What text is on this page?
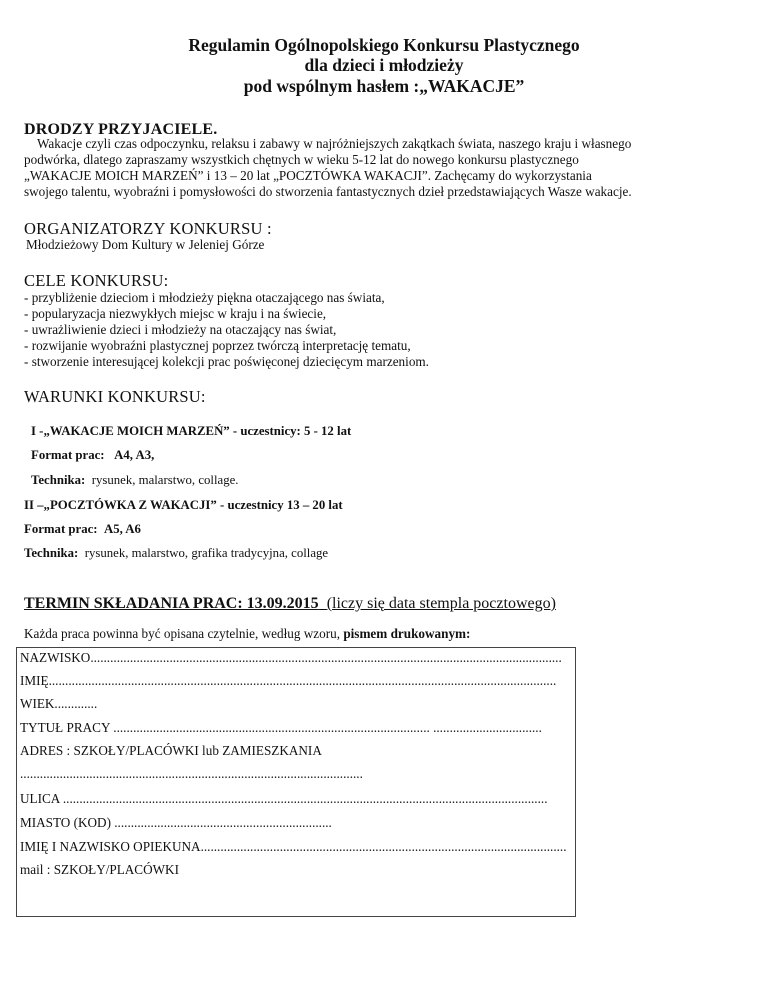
Regulamin Ogólnopolskiego Konkursu Plastycznego
dla dzieci i młodzieży
pod wspólnym hasłem :„WAKACJE”
DRODZY PRZYJACIELE.
Wakacje czyli czas odpoczynku, relaksu i zabawy w najróżniejszych zakątkach świata, naszego kraju i własnego
podwórka, dlatego zapraszamy wszystkich chętnych w wieku 5-12 lat do nowego konkursu plastycznego
„WAKACJE MOICH MARZEŃ” i 13 – 20 lat „POCZTÓWKA WAKACJI”. Zachęcamy do wykorzystania
swojego talentu, wyobraźni i pomysłowości do stworzenia fantastycznych dzieł przedstawiających Wasze wakacje.
ORGANIZATORZY KONKURSU :
Młodzieżowy Dom Kultury w Jeleniej Górze
CELE KONKURSU:
- przybliżenie dzieciom i młodzieży piękna otaczającego nas świata,
- popularyzacja niezwykłych miejsc w kraju i na świecie,
- uwrażliwienie dzieci i młodzieży na otaczający nas świat,
- rozwijanie wyobraźni plastycznej poprzez twórczą interpretację tematu,
- stworzenie interesującej kolekcji prac poświęconej dziecięcym marzeniom.
WARUNKI KONKURSU:
I -„WAKACJE MOICH MARZEŃ” - uczestnicy: 5 - 12 lat
Format prac: A4, A3,
Technika: rysunek, malarstwo, collage.
II –„POCZTÓWKA Z WAKACJI” - uczestnicy 13 – 20 lat
Format prac: A5, A6
Technika: rysunek, malarstwo, grafika tradycyjna, collage
TERMIN SKŁADANIA PRAC: 13.09.2015 (liczy się data stempla pocztowego)
Każda praca powinna być opisana czytelnie, według wzoru, pismem drukowanym:
NAZWISKO...............................................................................................................................................
IMIĘ..........................................................................................................................................................
WIEK.............
TYTUŁ PRACY ................................................................................................ .................................
ADRES : SZKOŁY/PLACÓWKI lub ZAMIESZKANIA
........................................................................................................
ULICA ...................................................................................................................................................
MIASTO (KOD) ..................................................................
IMIĘ I NAZWISKO OPIEKUNA...............................................................................................................
mail : SZKOŁY/PLACÓWKI
